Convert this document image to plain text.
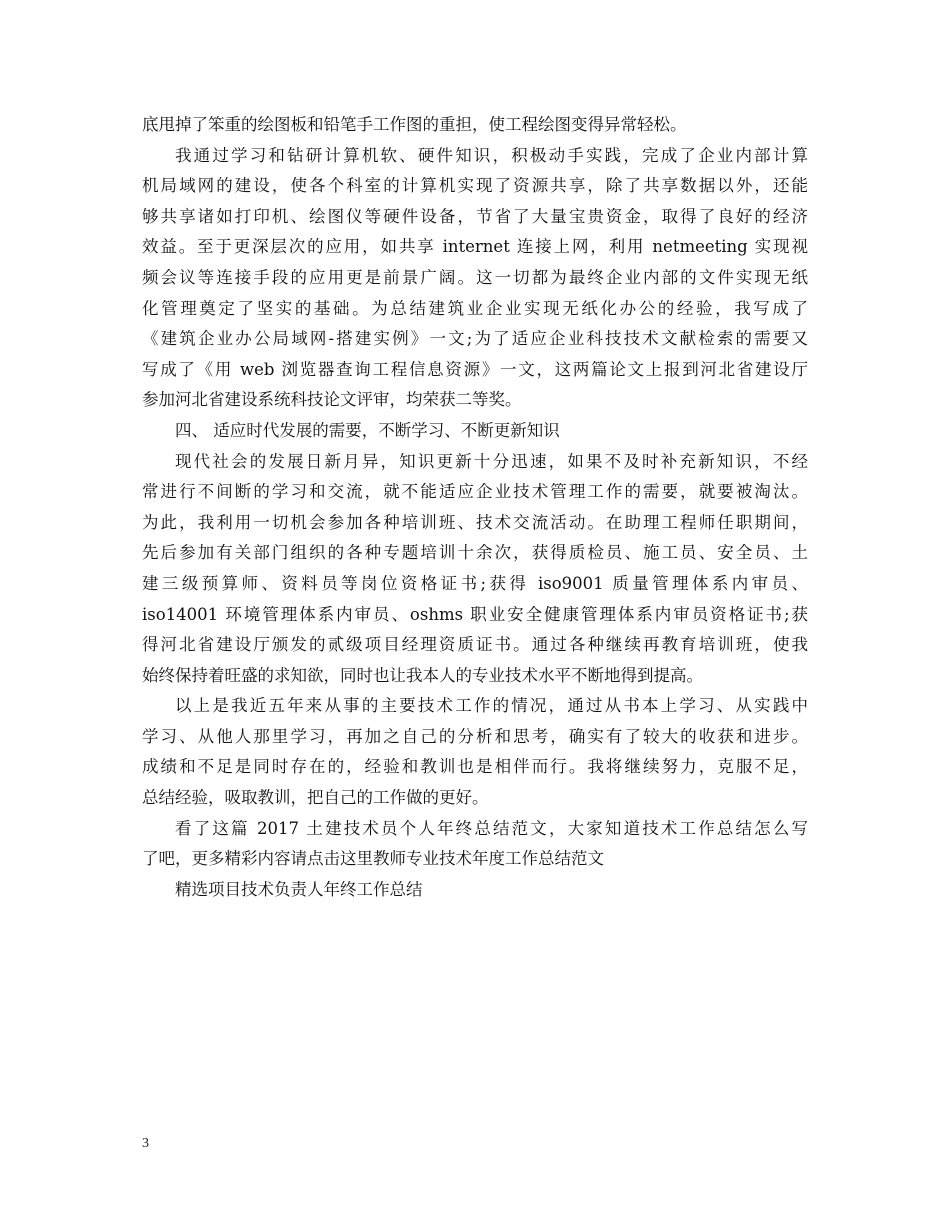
底甩掉了笨重的绘图板和铅笔手工作图的重担，使工程绘图变得异常轻松。
我通过学习和钻研计算机软、硬件知识，积极动手实践，完成了企业内部计算
机局域网的建设，使各个科室的计算机实现了资源共享，除了共享数据以外，还能
够共享诸如打印机、绘图仪等硬件设备，节省了大量宝贵资金，取得了良好的经济
效益。至于更深层次的应用，如共享 internet 连接上网，利用 netmeeting 实现视
频会议等连接手段的应用更是前景广阔。这一切都为最终企业内部的文件实现无纸
化管理奠定了坚实的基础。为总结建筑业企业实现无纸化办公的经验，我写成了
《建筑企业办公局域网-搭建实例》一文;为了适应企业科技技术文献检索的需要又
写成了《用 web 浏览器查询工程信息资源》一文，这两篇论文上报到河北省建设厅
参加河北省建设系统科技论文评审，均荣获二等奖。
四、 适应时代发展的需要，不断学习、不断更新知识
现代社会的发展日新月异，知识更新十分迅速，如果不及时补充新知识，不经
常进行不间断的学习和交流，就不能适应企业技术管理工作的需要，就要被淘汰。
为此，我利用一切机会参加各种培训班、技术交流活动。在助理工程师任职期间，
先后参加有关部门组织的各种专题培训十余次，获得质检员、施工员、安全员、土
建三级预算师、资料员等岗位资格证书;获得 iso9001 质量管理体系内审员、
iso14001 环境管理体系内审员、oshms 职业安全健康管理体系内审员资格证书;获
得河北省建设厅颁发的贰级项目经理资质证书。通过各种继续再教育培训班，使我
始终保持着旺盛的求知欲，同时也让我本人的专业技术水平不断地得到提高。
以上是我近五年来从事的主要技术工作的情况，通过从书本上学习、从实践中
学习、从他人那里学习，再加之自己的分析和思考，确实有了较大的收获和进步。
成绩和不足是同时存在的，经验和教训也是相伴而行。我将继续努力，克服不足，
总结经验，吸取教训，把自己的工作做的更好。
看了这篇 2017 土建技术员个人年终总结范文，大家知道技术工作总结怎么写
了吧，更多精彩内容请点击这里教师专业技术年度工作总结范文
精选项目技术负责人年终工作总结
3
